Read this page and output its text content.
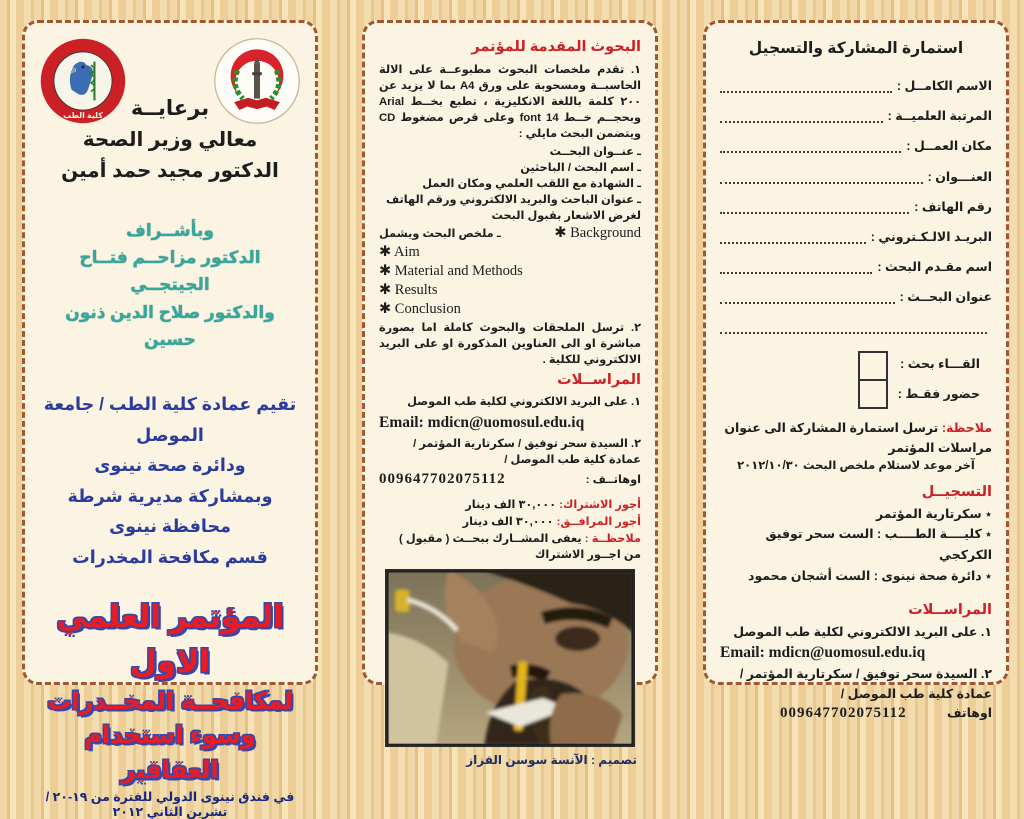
1959
كلية الطب برعايــة
معالي وزير الصحة
الدكتور مجيد حمد أمين
وبأشــراف
الدكتور مزاحــم فتــاح الجيتجــي
والدكتور صلاح الدين ذنون حسين
تقيم عمادة كلية الطب / جامعة الموصل
ودائرة صحة نينوى
وبمشاركة مديرية شرطة محافظة نينوى
قسم مكافحة المخدرات
المؤتمر العلمي الاول
لمكافحــة المخــدرات
وسوء استخدام العقاقير
في فندق نينوى الدولي للفترة من ١٩-٢٠ / تشرين الثاني ٢٠١٢
البحوث المقدمة للمؤتمر

١. تقدم ملخصات البحوث مطبوعــة على الالة الحاسبــة ومسحوبة على ورق A4 بما لا يزيد عن ٢٠٠ كلمة باللغة الانكليزية ، تطبع بخــط Arial وبحجــم خــط font 14 وعلى قرص مضغوط CD ويتضمن البحث مايلي :

ـ عنــوان البحــث
ـ اسم البحث / الباحثين
ـ الشهادة مع اللقب العلمي ومكان العمل
ـ عنوان الباحث والبريد الالكتروني ورقم الهاتف لغرض الاشعار بقبول البحث
✱ Background
ـ ملخص البحث ويشمل
✱ Aim
✱ Material and Methods
✱ Results
✱ Conclusion

٢. ترسل الملحقات والبحوث كاملة اما بصورة مباشرة او الى العناوين المذكورة او على البريد الالكتروني للكلية .

المراســلات
١. على البريد الالكتروني لكلية طب الموصل
Email: mdicn@uomosul.edu.iq
٢. السيدة سحر توفيق / سكرتارية المؤتمر / عمادة كلية طب الموصل /
اوهاتــف :
009647702075112
أجور الاشتراك: ٣٠,٠٠٠ الف دينار
أجور المرافــق: ٣٠,٠٠٠ الف دينار
ملاحظــة : يعفى المشــارك ببحــث ( مقبول ) من اجــور الاشتراك
تصميم : الآنسة سوسن القزاز
استمارة المشاركة والتسجيل
الاسم الكامــل :
المرتبة العلميــة :
مكان العمــل :
العنـــوان :
رقم الهاتف :
البريـد الالـكـتروني :
اسم مقـدم البحث :
عنوان البحــث :
القـــاء بحث :
حضور فقـط :
ملاحظة: ترسل استمارة المشاركة الى عنوان مراسلات المؤتمر
آخر موعد لاستلام ملخص البحث ٢٠١٢/١٠/٣٠
التسجيــل
٭ سكرتارية المؤتمر
٭ كليــــة الطــــب : الست سحر توفيق الكركجي
٭ دائرة صحة نينوى : الست أشجان محمود
المراســلات
١. على البريد الالكتروني لكلية طب الموصل
Email: mdicn@uomosul.edu.iq
٢. السيدة سحر توفيق / سكرتارية المؤتمر / عمادة كلية طب الموصل /
اوهاتف
009647702075112
